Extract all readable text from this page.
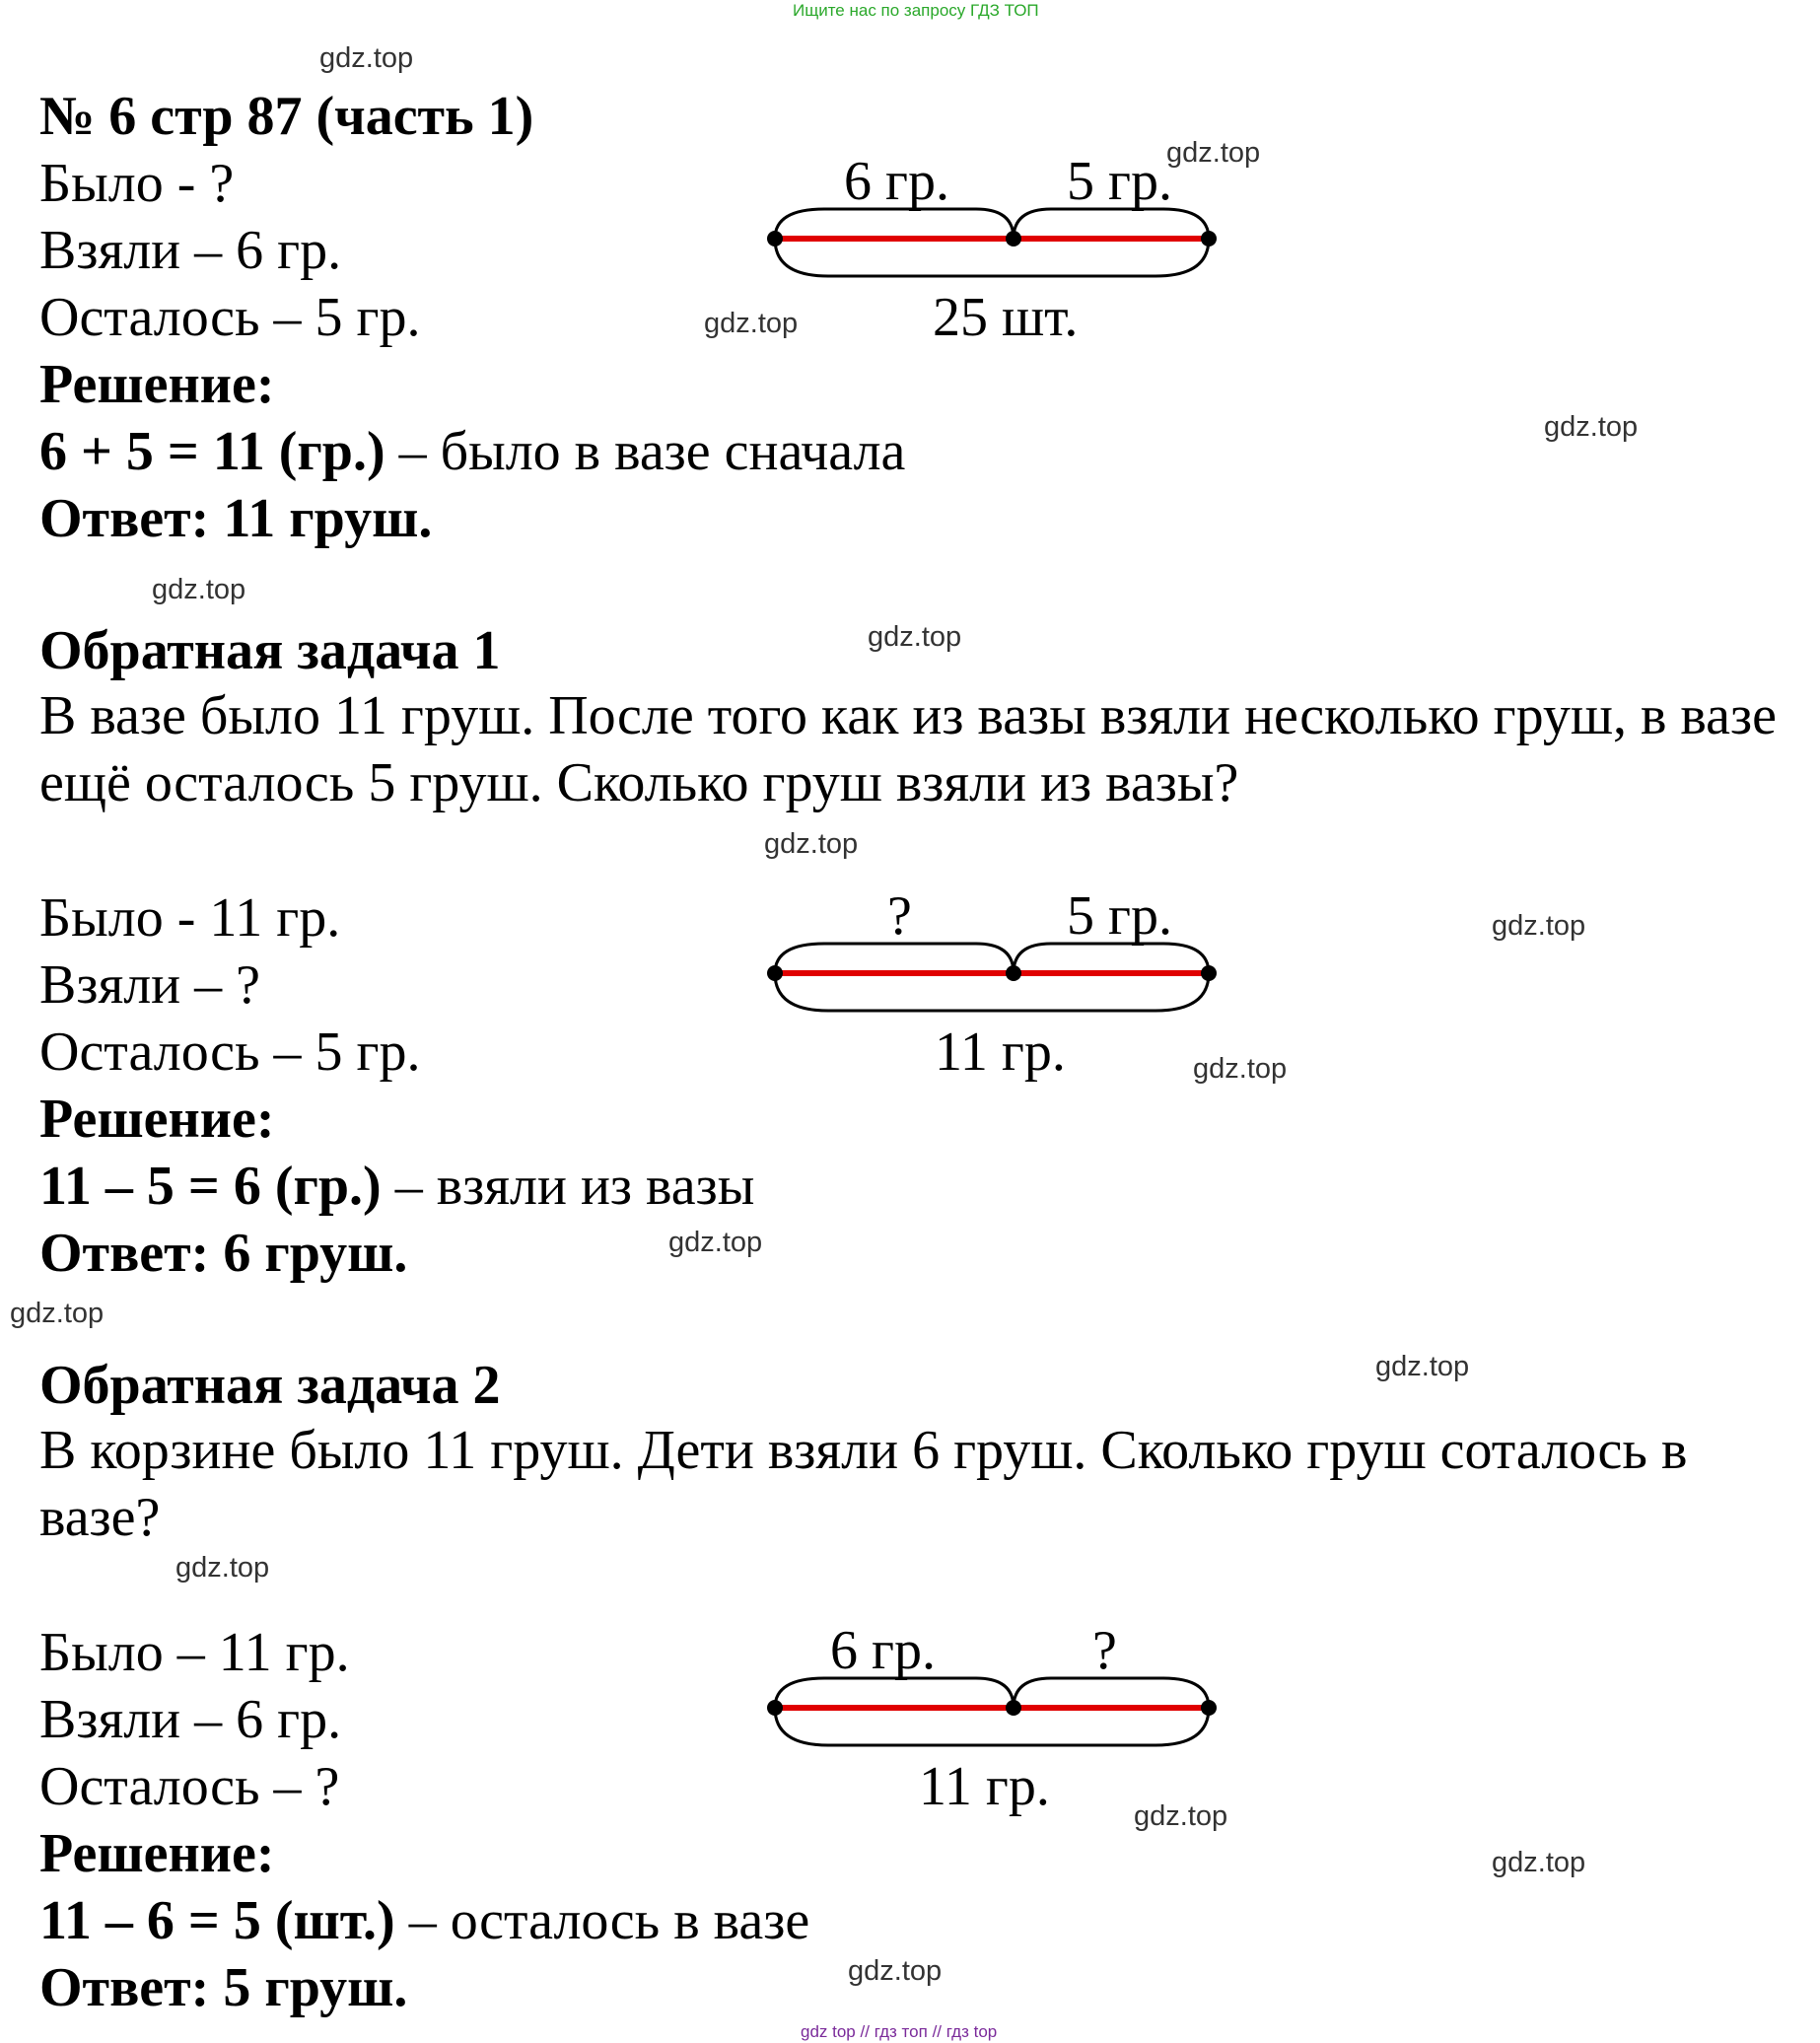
Ищите нас по запросу ГДЗ ТОП
№ 6 стр 87 (часть 1)
Было - ?
Взяли – 6 гр.
Осталось – 5 гр.
6 гр. 5 гр.
25 шт.
Решение:
6 + 5 = 11 (гр.) – было в вазе сначала
Ответ: 11 груш.
Обратная задача 1
В вазе было 11 груш. После того как из вазы взяли несколько груш, в вазе ещё осталось 5 груш. Сколько груш взяли из вазы?
Было - 11 гр.
Взяли – ?
Осталось – 5 гр.
?	5 гр.
11 гр.
Решение:
11 – 5 = 6 (гр.) – взяли из вазы
Ответ: 6 груш.
Обратная задача 2
В корзине было 11 груш. Дети взяли 6 груш. Сколько груш соталось в вазе?
Было – 11 гр.
Взяли – 6 гр.
Осталось – ?
6 гр.	?
11 гр.
Решение:
11 – 6 = 5 (шт.) – осталось в вазе
Ответ: 5 груш.
gdz.top
gdz.top
gdz.top
gdz.top
gdz.top
gdz.top
gdz.top
gdz.top
gdz.top
gdz.top
gdz.top
gdz.top
gdz.top
gdz.top
gdz.top
gdz.top
gdz top // гдз топ // гдз top
